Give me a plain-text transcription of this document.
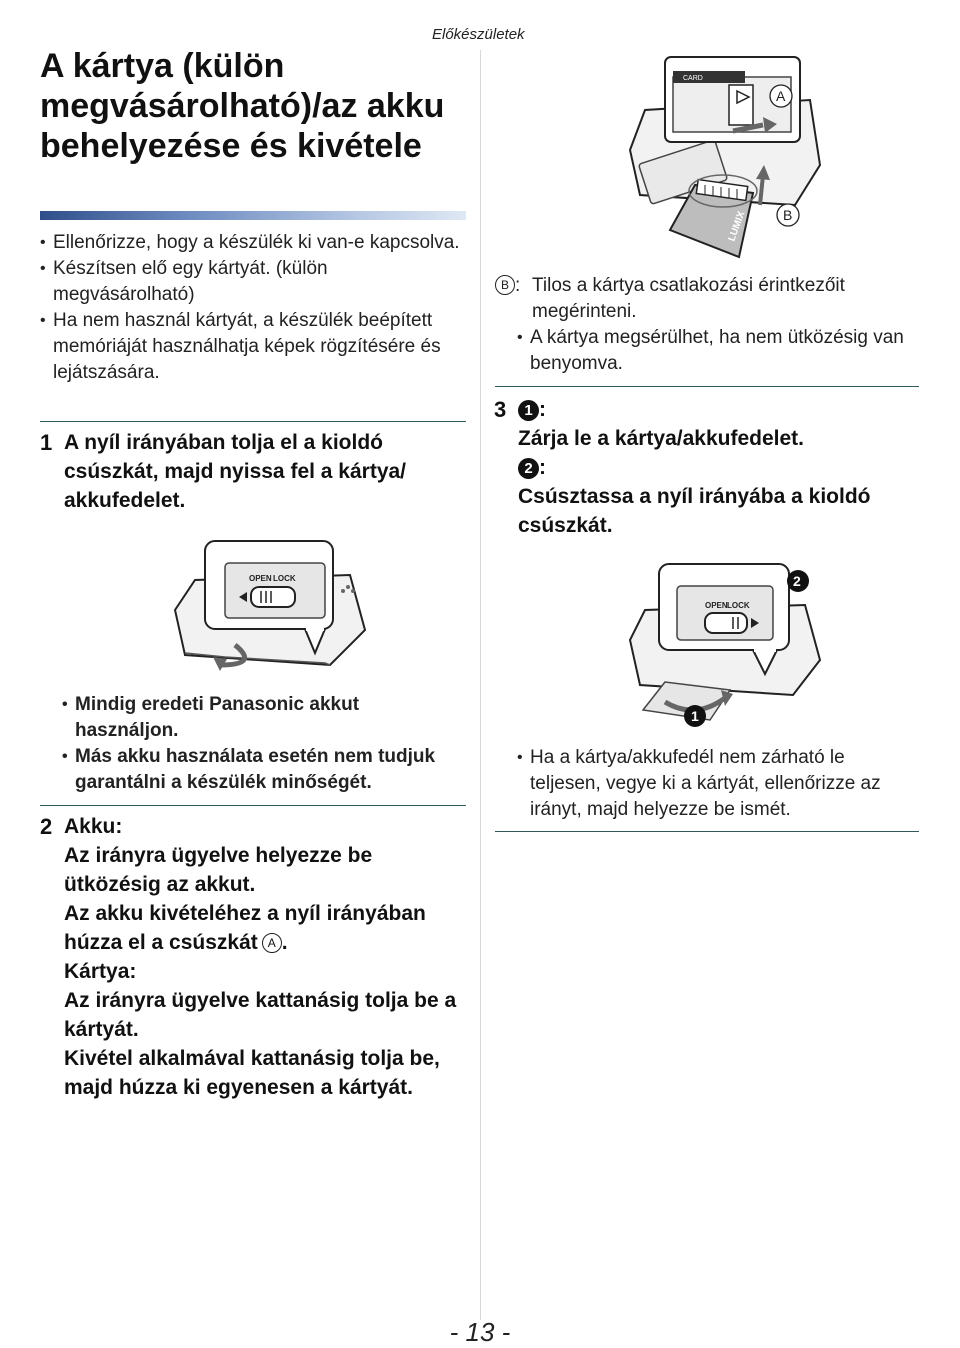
Előkészületek
A kártya (külön megvásárolható)/az akku behelyezése és kivétele
• Ellenőrizze, hogy a készülék ki van-e kapcsolva.
• Készítsen elő egy kártyát. (külön megvásárolható)
• Ha nem használ kártyát, a készülék beépített memóriáját használhatja képek rögzítésére és lejátszására.
1 A nyíl irányában tolja el a kioldó csúszkát, majd nyissa fel a kártya/ akkufedelet.

OPEN LOCK
• Mindig eredeti Panasonic akkut használjon.
• Más akku használata esetén nem tudjuk garantálni a készülék minőségét.
2 Akku:

Az irányra ügyelve helyezze be ütközésig az akkut.

Az akku kivételéhez a nyíl irányában húzza el a csúszkát A .

Kártya:

Az irányra ügyelve kattanásig tolja be a kártyát.

Kivétel alkalmával kattanásig tolja be, majd húzza ki egyenesen a kártyát.

CARD
A
LUMIX	B
B : Tilos a kártya csatlakozási érintkezőit megérinteni.
• A kártya megsérülhet, ha nem ütközésig van benyomva.
3	1 :

Zárja le a kártya/akkufedelet.

2 :

Csúsztassa a nyíl irányába a kioldó csúszkát.

OPEN LOCK
2
1
• Ha a kártya/akkufedél nem zárható le teljesen, vegye ki a kártyát, ellenőrizze az irányt, majd helyezze be ismét.
- 13 -
